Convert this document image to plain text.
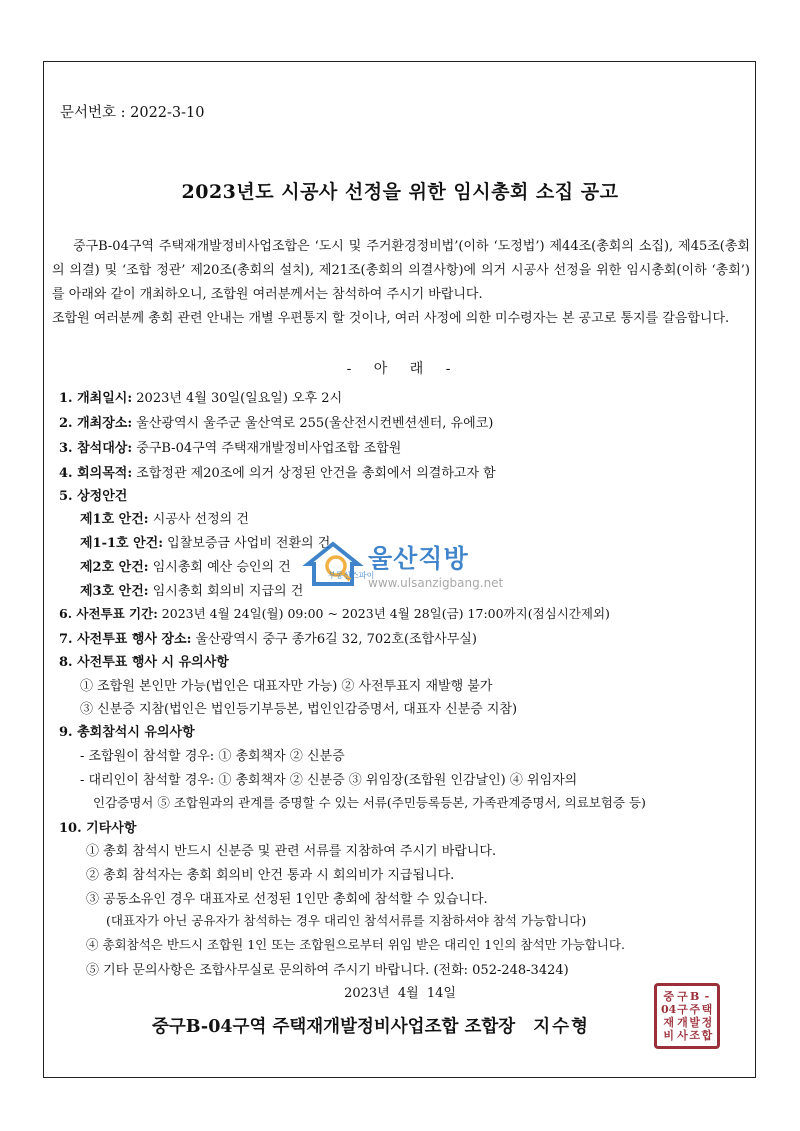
문서번호 : 2022-3-10
2023년도 시공사 선정을 위한 임시총회 소집 공고

중구B-04구역 주택재개발정비사업조합은 ‘도시 및 주거환경정비법’(이하 ‘도정법’) 제44조(총회의 소집), 제45조(총회의 의결) 및 ‘조합 정관’ 제20조(총회의 설치), 제21조(총회의 의결사항)에 의거 시공사 선정을 위한 임시총회(이하 ‘총회’)를 아래와 같이 개최하오니, 조합원 여러분께서는 참석하여 주시기 바랍니다.

조합원 여러분께 총회 관련 안내는 개별 우편통지 할 것이나, 여러 사정에 의한 미수령자는 본 공고로 통지를 갈음합니다.

- 아 래 -
1. 개최일시: 2023년 4월 30일(일요일) 오후 2시
2. 개최장소: 울산광역시 울주군 울산역로 255(울산전시컨벤션센터, 유에코)
3. 참석대상: 중구B-04구역 주택재개발정비사업조합 조합원
4. 회의목적: 조합정관 제20조에 의거 상정된 안건을 총회에서 의결하고자 함
5. 상정안건
제1호 안건: 시공사 선정의 건
제1-1호 안건: 입찰보증금 사업비 전환의 건
제2호 안건: 임시총회 예산 승인의 건
제3호 안건: 임시총회 회의비 지급의 건
6. 사전투표 기간: 2023년 4월 24일(월) 09:00 ~ 2023년 4월 28일(금) 17:00까지(점심시간제외)
7. 사전투표 행사 장소: 울산광역시 중구 종가6길 32, 702호(조합사무실)
8. 사전투표 행사 시 유의사항
① 조합원 본인만 가능(법인은 대표자만 가능) ② 사전투표지 재발행 불가
③ 신분증 지참(법인은 법인등기부등본, 법인인감증명서, 대표자 신분증 지참)
9. 총회참석시 유의사항
- 조합원이 참석할 경우: ① 총회책자 ② 신분증
- 대리인이 참석할 경우: ① 총회책자 ② 신분증 ③ 위임장(조합원 인감날인) ④ 위임자의
인감증명서 ⑤ 조합원과의 관계를 증명할 수 있는 서류(주민등록등본, 가족관계증명서, 의료보험증 등)
10. 기타사항
① 총회 참석시 반드시 신분증 및 관련 서류를 지참하여 주시기 바랍니다.
② 총회 참석자는 총회 회의비 안건 통과 시 회의비가 지급됩니다.
③ 공동소유인 경우 대표자로 선정된 1인만 총회에 참석할 수 있습니다.
(대표자가 아닌 공유자가 참석하는 경우 대리인 참석서류를 지참하셔야 참석 가능합니다)
④ 총회참석은 반드시 조합원 1인 또는 조합원으로부터 위임 받은 대리인 1인의 참석만 가능합니다.
⑤ 기타 문의사항은 조합사무실로 문의하여 주시기 바랍니다. (전화: 052-248-3424)
2023년 4월 14일
중구B-04구역 주택재개발정비사업조합 조합장 지수형
중 구 B -
04 구 주 택
재 개 발 정
비 사 조 합
울산직방
부동산스파이
www.ulsanzigbang.net
